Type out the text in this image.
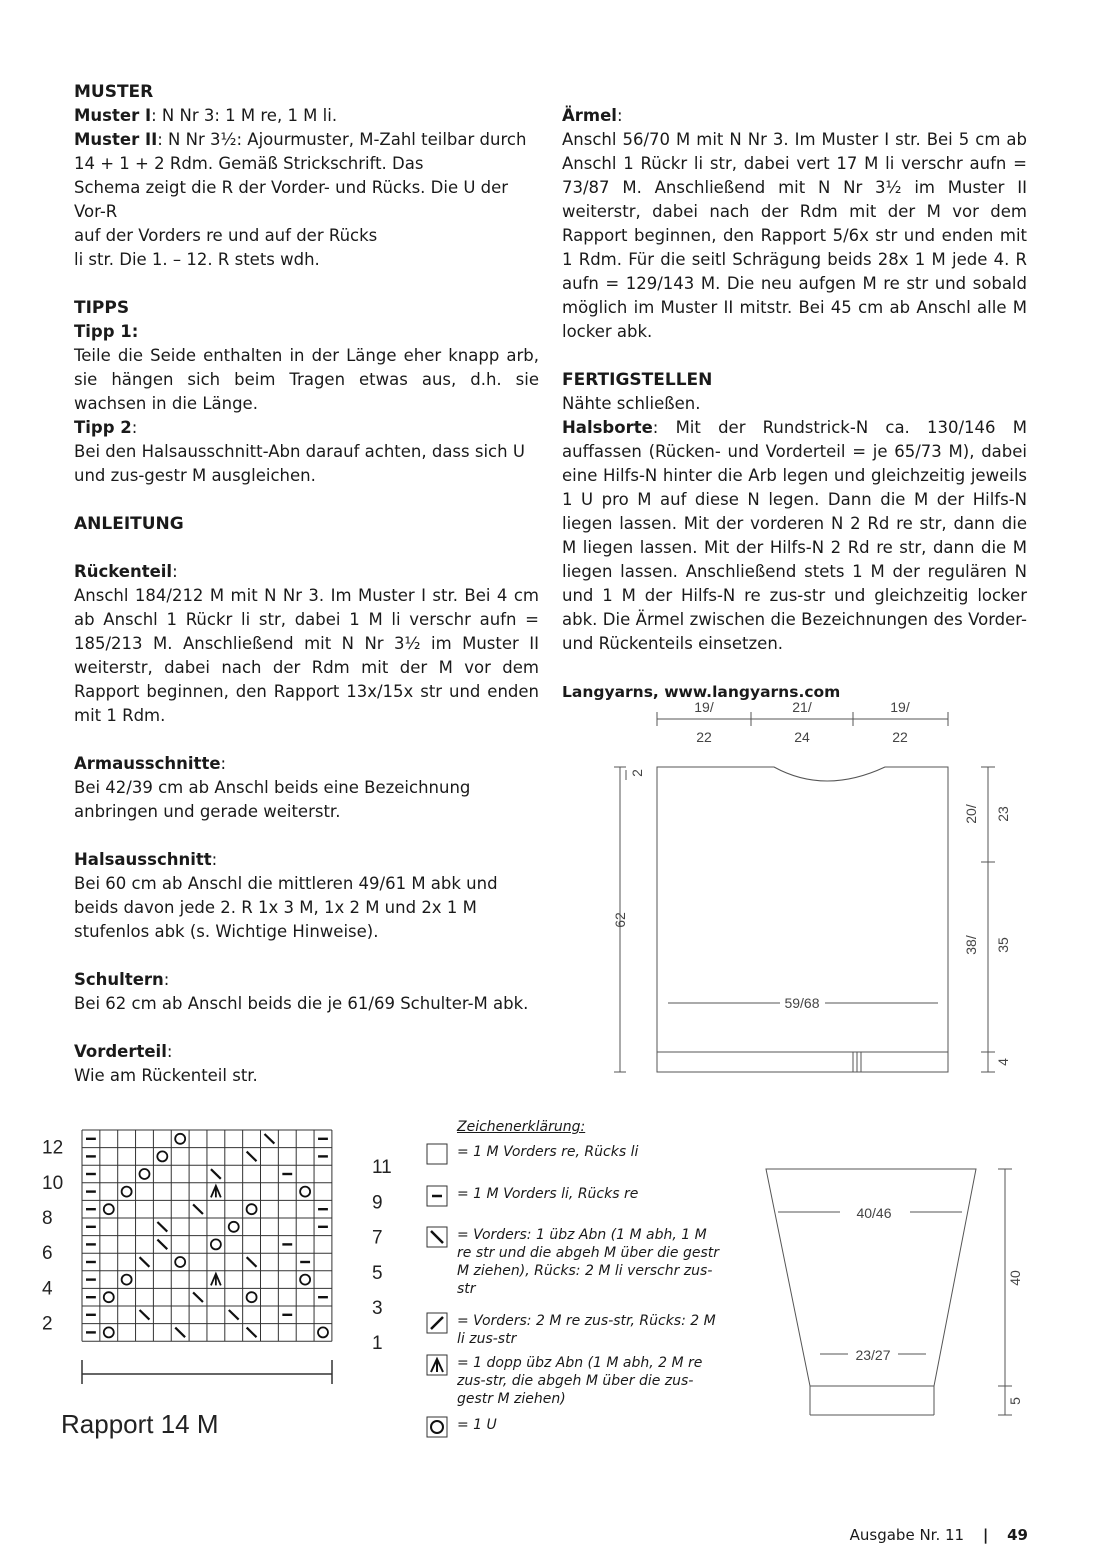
MUSTER

Muster I: N Nr 3: 1 M re, 1 M li.

Muster II: N Nr 3½: Ajourmuster, M-Zahl teilbar durch 14 + 1 + 2 Rdm. Gemäß Strickschrift. Das

Schema zeigt die R der Vorder- und Rücks. Die U der Vor-R

auf der Vorders re und auf der Rücks

li str. Die 1. – 12. R stets wdh.

TIPPS

Tipp 1:

Teile die Seide enthalten in der Länge eher knapp arb, sie hängen sich beim Tragen etwas aus, d.h. sie wachsen in die Länge.

Tipp 2:

Bei den Halsausschnitt-Abn darauf achten, dass sich U und zus-gestr M ausgleichen.

ANLEITUNG

Rückenteil:

Anschl 184/212 M mit N Nr 3. Im Muster I str. Bei 4 cm ab Anschl 1 Rückr li str, dabei 1 M li verschr aufn = 185/213 M. Anschließend mit N Nr 3½ im Muster II weiterstr, dabei nach der Rdm mit der M vor dem Rapport beginnen, den Rapport 13x/15x str und enden mit 1 Rdm.

Armausschnitte:

Bei 42/39 cm ab Anschl beids eine Bezeichnung anbringen und gerade weiterstr.

Halsausschnitt:

Bei 60 cm ab Anschl die mittleren 49/61 M abk und beids davon jede 2. R 1x 3 M, 1x 2 M und 2x 1 M stufenlos abk (s. Wichtige Hinweise).

Schultern:

Bei 62 cm ab Anschl beids die je 61/69 Schulter-M abk.

Vorderteil:

Wie am Rückenteil str.

Ärmel:

Anschl 56/70 M mit N Nr 3. Im Muster I str. Bei 5 cm ab Anschl 1 Rückr li str, dabei vert 17 M li verschr aufn = 73/87 M. Anschließend mit N Nr 3½ im Muster II weiterstr, dabei nach der Rdm mit der M vor dem Rapport beginnen, den Rapport 5/6x str und enden mit 1 Rdm. Für die seitl Schrägung beids 28x 1 M jede 4. R aufn = 129/143 M. Die neu aufgen M re str und sobald möglich im Muster II mitstr. Bei 45 cm ab Anschl alle M locker abk.

FERTIGSTELLEN

Nähte schließen.

Halsborte: Mit der Rundstrick-N ca. 130/146 M auffassen (Rücken- und Vorderteil = je 65/73 M), dabei eine Hilfs-N hinter die Arb legen und gleichzeitig jeweils 1 U pro M auf diese N legen. Dann die M der Hilfs-N liegen lassen. Mit der vorderen N 2 Rd re str, dann die M liegen lassen. Mit der Hilfs-N 2 Rd re str, dann die M liegen lassen. Anschließend stets 1 M der regulären N und 1 M der Hilfs-N re zus-str und gleichzeitig locker abk. Die Ärmel zwischen die Bezeichnungen des Vorder- und Rückenteils einsetzen.

Langyarns, www.langyarns.com

19/
22
21/
24
19/
22
59/68
2
62
20/ 23
38/ 35
4
12
10
8
6
4
2
11
9
7
5
3
1
Rapport 14 M
Zeichenerklärung:
= 1 M Vorders re, Rücks li
= 1 M Vorders li, Rücks re
= Vorders: 1 übz Abn (1 M abh, 1 M re str und die abgeh M über die gestr M ziehen), Rücks: 2 M li verschr zus-str
= Vorders: 2 M re zus-str, Rücks: 2 M li zus-str
= 1 dopp übz Abn (1 M abh, 2 M re zus-str, die abgeh M über die zus-gestr M ziehen)
= 1 U
40/46
23/27
40
5
Ausgabe Nr. 11 | 49
